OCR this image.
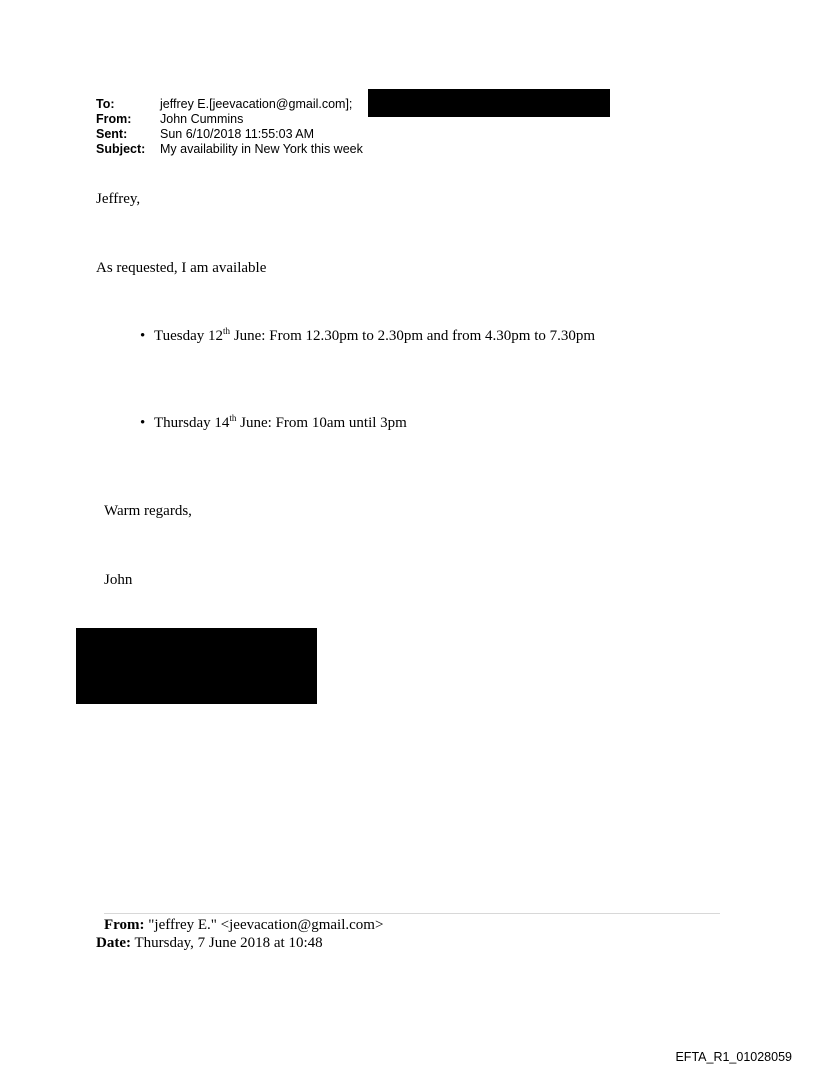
To:	jeffrey E.[jeevacation@gmail.com];
From: John Cummins
Sent:	Sun 6/10/2018 11:55:03 AM
Subject: My availability in New York this week
Jeffrey,
As requested, I am available
• Tuesday 12th June: From 12.30pm to 2.30pm and from 4.30pm to 7.30pm
• Thursday 14th June: From 10am until 3pm
Warm regards,
John
From: "jeffrey E." <jeevacation@gmail.com>
Date: Thursday, 7 June 2018 at 10:48
EFTA_R1_01028059
